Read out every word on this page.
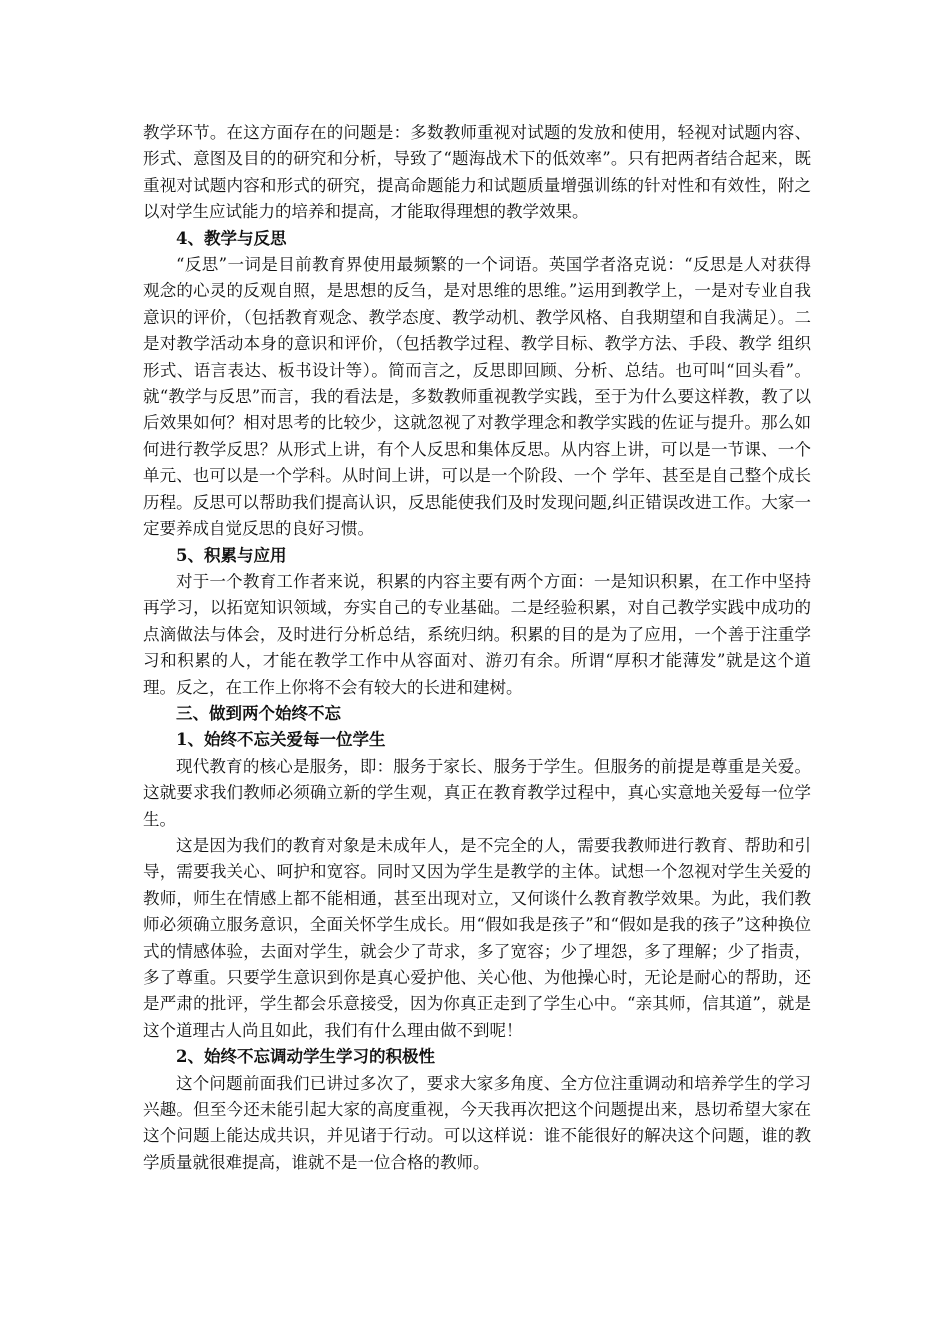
教学环节。在这方面存在的问题是：多数教师重视对试题的发放和使用，轻视对试题内容、形式、意图及目的的研究和分析，导致了“题海战术下的低效率”。只有把两者结合起来，既重视对试题内容和形式的研究，提高命题能力和试题质量增强训练的针对性和有效性，附之以对学生应试能力的培养和提高，才能取得理想的教学效果。

4、教学与反思

“反思”一词是目前教育界使用最频繁的一个词语。英国学者洛克说：“反思是人对获得观念的心灵的反观自照，是思想的反刍，是对思维的思维。”运用到教学上，一是对专业自我意识的评价，（包括教育观念、教学态度、教学动机、教学风格、自我期望和自我满足）。二是对教学活动本身的意识和评价，（包括教学过程、教学目标、教学方法、手段、教学 组织形式、语言表达、板书设计等）。简而言之，反思即回顾、分析、总结。也可叫“回头看”。就“教学与反思”而言，我的看法是，多数教师重视教学实践，至于为什么要这样教，教了以后效果如何？相对思考的比较少，这就忽视了对教学理念和教学实践的佐证与提升。那么如何进行教学反思？从形式上讲，有个人反思和集体反思。从内容上讲，可以是一节课、一个单元、也可以是一个学科。从时间上讲，可以是一个阶段、一个 学年、甚至是自己整个成长历程。反思可以帮助我们提高认识，反思能使我们及时发现问题,纠正错误改进工作。大家一定要养成自觉反思的良好习惯。

5、积累与应用

对于一个教育工作者来说，积累的内容主要有两个方面：一是知识积累，在工作中坚持再学习，以拓宽知识领域，夯实自己的专业基础。二是经验积累，对自己教学实践中成功的点滴做法与体会，及时进行分析总结，系统归纳。积累的目的是为了应用，一个善于注重学习和积累的人，才能在教学工作中从容面对、游刃有余。所谓“厚积才能薄发”就是这个道理。反之，在工作上你将不会有较大的长进和建树。

三、做到两个始终不忘

1、始终不忘关爱每一位学生

现代教育的核心是服务，即：服务于家长、服务于学生。但服务的前提是尊重是关爱。这就要求我们教师必须确立新的学生观，真正在教育教学过程中，真心实意地关爱每一位学生。

这是因为我们的教育对象是未成年人，是不完全的人，需要我教师进行教育、帮助和引导，需要我关心、呵护和宽容。同时又因为学生是教学的主体。试想一个忽视对学生关爱的教师，师生在情感上都不能相通，甚至出现对立，又何谈什么教育教学效果。为此，我们教师必须确立服务意识，全面关怀学生成长。用“假如我是孩子”和“假如是我的孩子”这种换位式的情感体验，去面对学生，就会少了苛求，多了宽容；少了埋怨，多了理解；少了指责，多了尊重。只要学生意识到你是真心爱护他、关心他、为他操心时，无论是耐心的帮助，还是严肃的批评，学生都会乐意接受，因为你真正走到了学生心中。“亲其师，信其道”，就是这个道理古人尚且如此，我们有什么理由做不到呢！

2、始终不忘调动学生学习的积极性

这个问题前面我们已讲过多次了，要求大家多角度、全方位注重调动和培养学生的学习兴趣。但至今还未能引起大家的高度重视，今天我再次把这个问题提出来，恳切希望大家在这个问题上能达成共识，并见诸于行动。可以这样说：谁不能很好的解决这个问题，谁的教学质量就很难提高，谁就不是一位合格的教师。
